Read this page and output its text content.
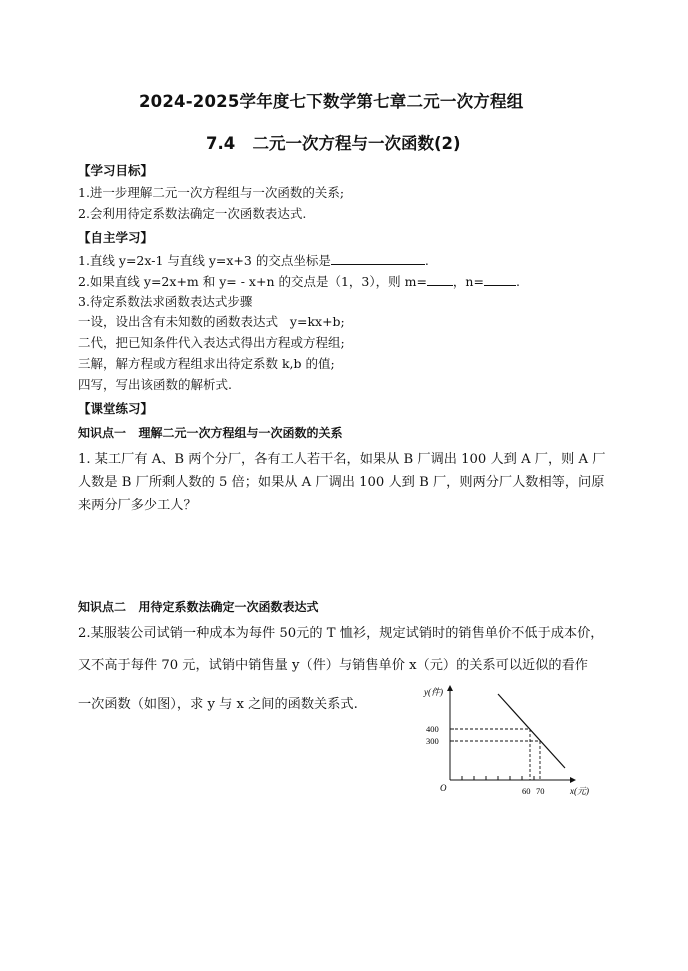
2024-2025学年度七下数学第七章二元一次方程组
7.4   二元一次方程与一次函数(2)
【学习目标】
1.进一步理解二元一次方程组与一次函数的关系;
2.会利用待定系数法确定一次函数表达式.
【自主学习】
1.直线 y=2x-1 与直线 y=x+3 的交点坐标是	.
2.如果直线 y=2x+m 和 y= - x+n 的交点是（1，3），则 m= ，n=	.
3.待定系数法求函数表达式步骤
一设，设出含有未知数的函数表达式   y=kx+b;
二代，把已知条件代入表达式得出方程或方程组;
三解，解方程或方程组求出待定系数 k,b 的值;
四写，写出该函数的解析式.
【课堂练习】
知识点一   理解二元一次方程组与一次函数的关系
1. 某工厂有 A、B 两个分厂，各有工人若干名，如果从 B 厂调出 100 人到 A 厂，则 A 厂
人数是 B 厂所剩人数的 5 倍；如果从 A 厂调出 100 人到 B 厂，则两分厂人数相等，问原
来两分厂多少工人？
知识点二   用待定系数法确定一次函数表达式
2.某服装公司试销一种成本为每件 50元的 T 恤衫，规定试销时的销售单价不低于成本价，
又不高于每件 70 元，试销中销售量 y（件）与销售单价 x（元）的关系可以近似的看作
一次函数（如图），求 y 与 x 之间的函数关系式.
y(件)
400
300
O	60 70	x(元)
